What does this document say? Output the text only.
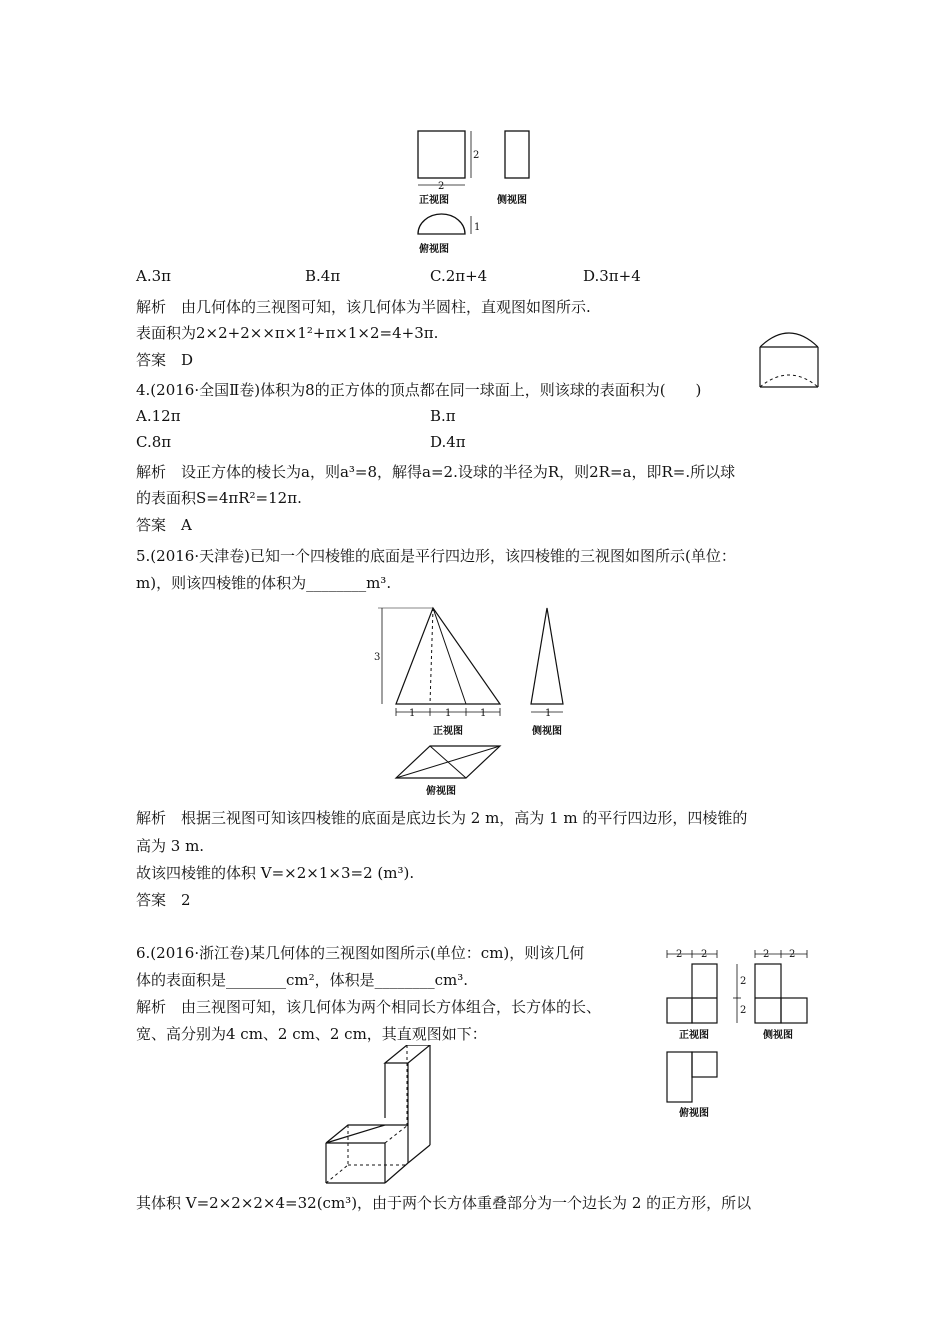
2
2
正视图	侧视图
1
俯视图
A.3π	B.4π	C.2π+4	D.3π+4
解析　由几何体的三视图可知，该几何体为半圆柱，直观图如图所示.
表面积为2×2+2××π×1²+π×1×2=4+3π.
答案　D
4.(2016·全国Ⅱ卷)体积为8的正方体的顶点都在同一球面上，则该球的表面积为(　　)
A.12π	B.π
C.8π	D.4π
解析　设正方体的棱长为a，则a³=8，解得a=2.设球的半径为R，则2R=a，即R=.所以球
的表面积S=4πR²=12π.
答案　A
5.(2016·天津卷)已知一个四棱锥的底面是平行四边形，该四棱锥的三视图如图所示(单位：
m)，则该四棱锥的体积为________m³.
3
1	1	1
正视图
1
侧视图
俯视图
解析　根据三视图可知该四棱锥的底面是底边长为 2 m，高为 1 m 的平行四边形，四棱锥的
高为 3 m.
故该四棱锥的体积 V=×2×1×3=2 (m³).
答案　2
6.(2016·浙江卷)某几何体的三视图如图所示(单位：cm)，则该几何
体的表面积是________cm²，体积是________cm³.
解析　由三视图可知，该几何体为两个相同长方体组合，长方体的长、
宽、高分别为4 cm、2 cm、2 cm，其直观图如下：
2 2
2
2
正视图
2 2
侧视图
俯视图
其体积 V=2×2×2×4=32(cm³)，由于两个长方体重叠部分为一个边长为 2 的正方形，所以
